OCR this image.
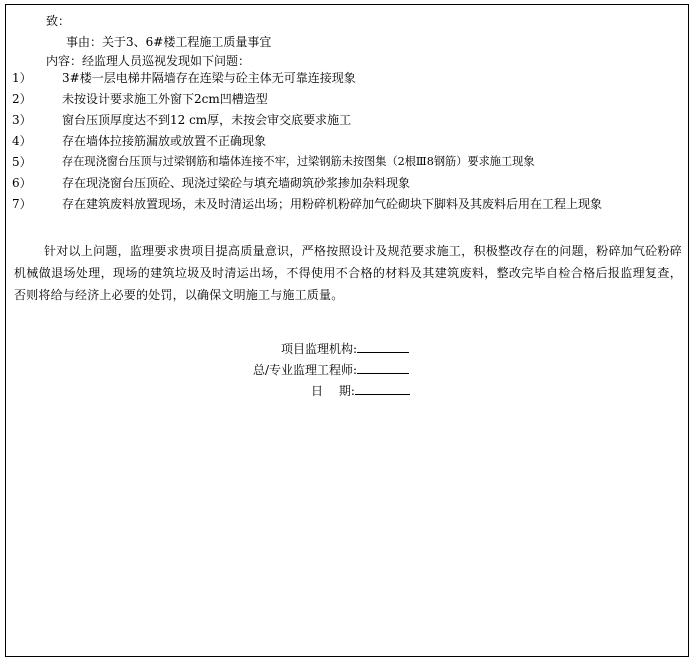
致：
事由：关于3、6#楼工程施工质量事宜
内容：经监理人员巡视发现如下问题：
1）	3#楼一层电梯井隔墙存在连梁与砼主体无可靠连接现象
2）	未按设计要求施工外窗下2cm凹槽造型
3）	窗台压顶厚度达不到12 cm厚，未按会审交底要求施工
4）	存在墙体拉接筋漏放或放置不正确现象
5）	存在现浇窗台压顶与过梁钢筋和墙体连接不牢，过梁钢筋未按图集（2根Ⅲ8钢筋）要求施工现象
6）	存在现浇窗台压顶砼、现浇过梁砼与填充墙砌筑砂浆掺加杂料现象
7）	存在建筑废料放置现场，未及时清运出场；用粉碎机粉碎加气砼砌块下脚料及其废料后用在工程上现象
针对以上问题，监理要求贵项目提高质量意识，严格按照设计及规范要求施工，积极整改存在的问题，粉碎加气砼粉碎机械做退场处理，现场的建筑垃圾及时清运出场，不得使用不合格的材料及其建筑废料，整改完毕自检合格后报监理复查，否则将给与经济上必要的处罚，以确保文明施工与施工质量。
项目监理机构:
总/专业监理工程师:
日　 期:
